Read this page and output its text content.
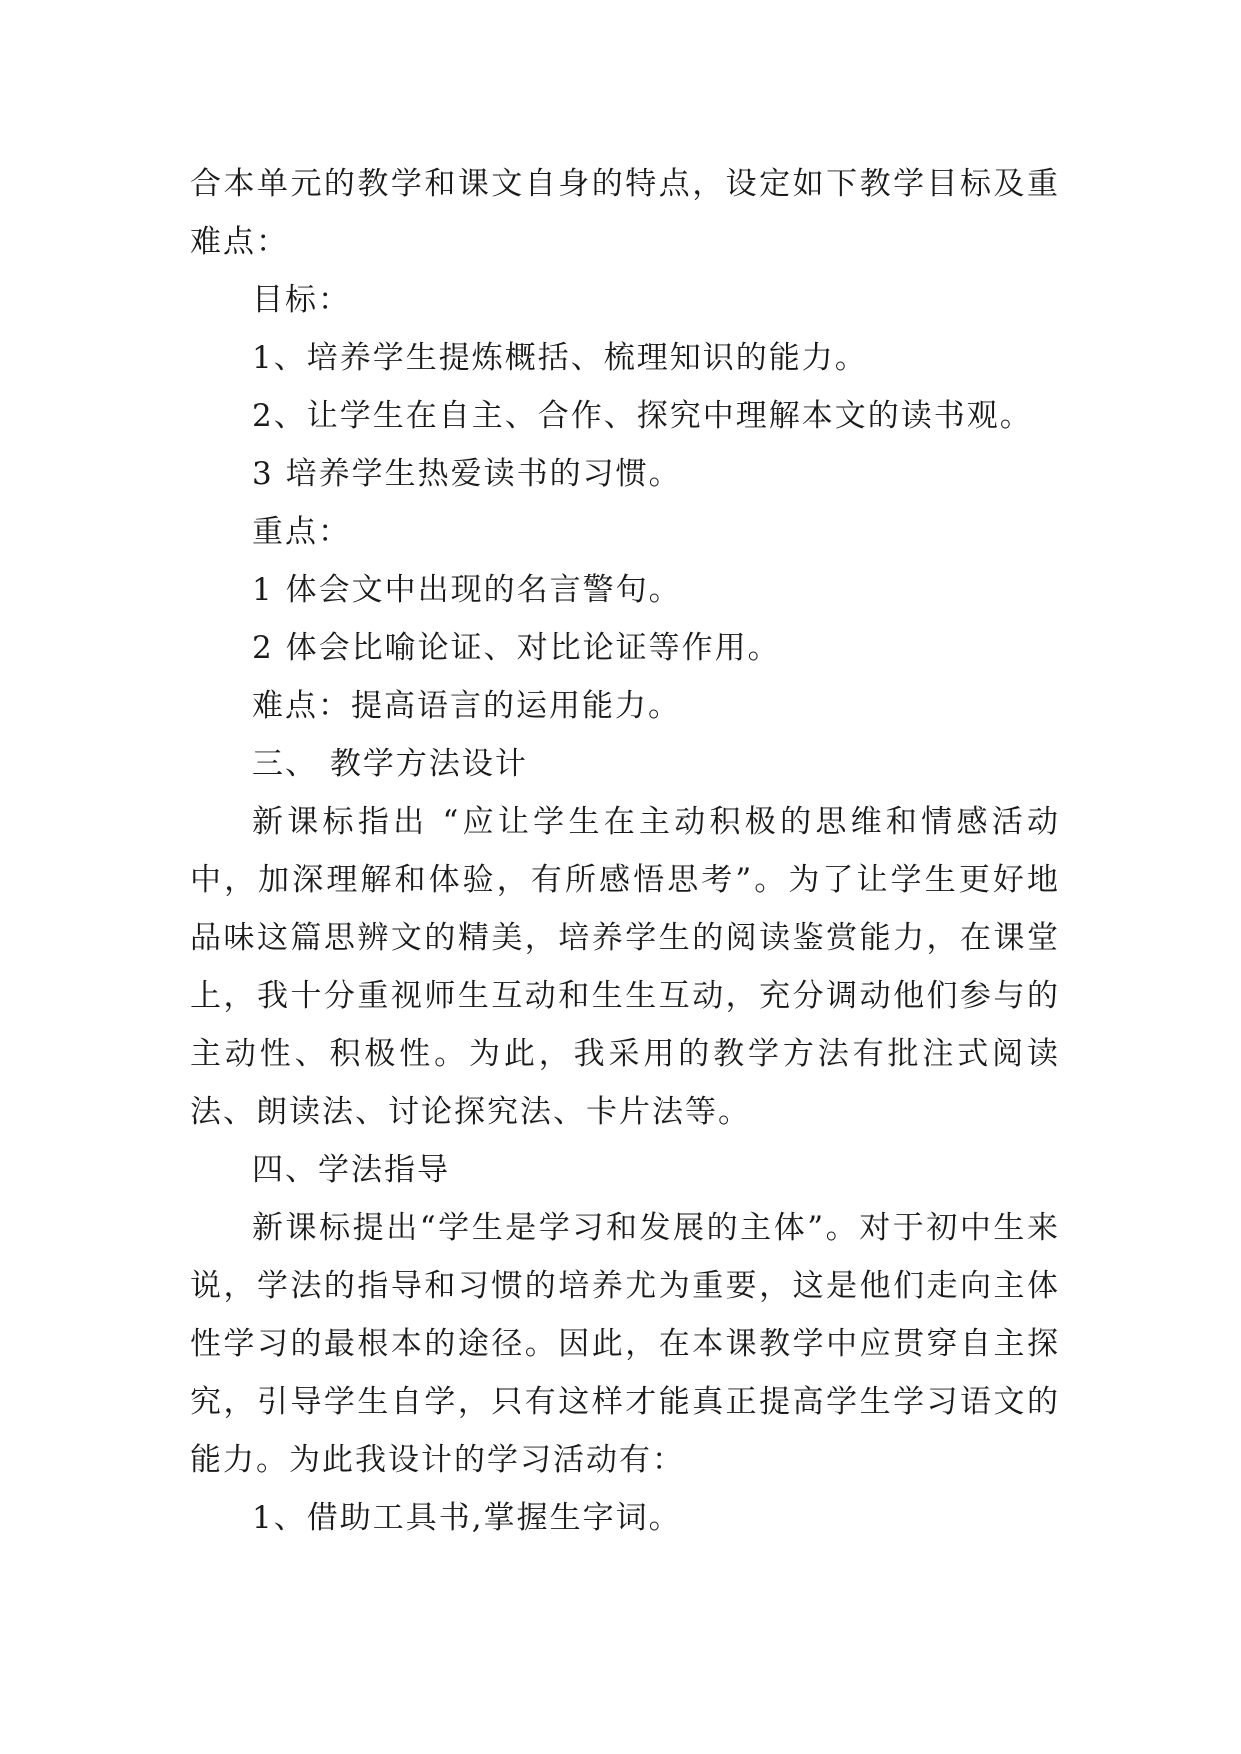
合本单元的教学和课文自身的特点，设定如下教学目标及重难点：

目标：

1、培养学生提炼概括、梳理知识的能力。

2、让学生在自主、合作、探究中理解本文的读书观。

3 培养学生热爱读书的习惯。

重点：

1 体会文中出现的名言警句。

2 体会比喻论证、对比论证等作用。

难点：提高语言的运用能力。

三、 教学方法设计

新课标指出 “应让学生在主动积极的思维和情感活动中，加深理解和体验，有所感悟思考”。为了让学生更好地品味这篇思辨文的精美，培养学生的阅读鉴赏能力，在课堂上，我十分重视师生互动和生生互动，充分调动他们参与的主动性、积极性。为此，我采用的教学方法有批注式阅读法、朗读法、讨论探究法、卡片法等。

四、学法指导

新课标提出“学生是学习和发展的主体”。对于初中生来说，学法的指导和习惯的培养尤为重要，这是他们走向主体性学习的最根本的途径。因此，在本课教学中应贯穿自主探究，引导学生自学，只有这样才能真正提高学生学习语文的能力。为此我设计的学习活动有：

1、借助工具书,掌握生字词。
